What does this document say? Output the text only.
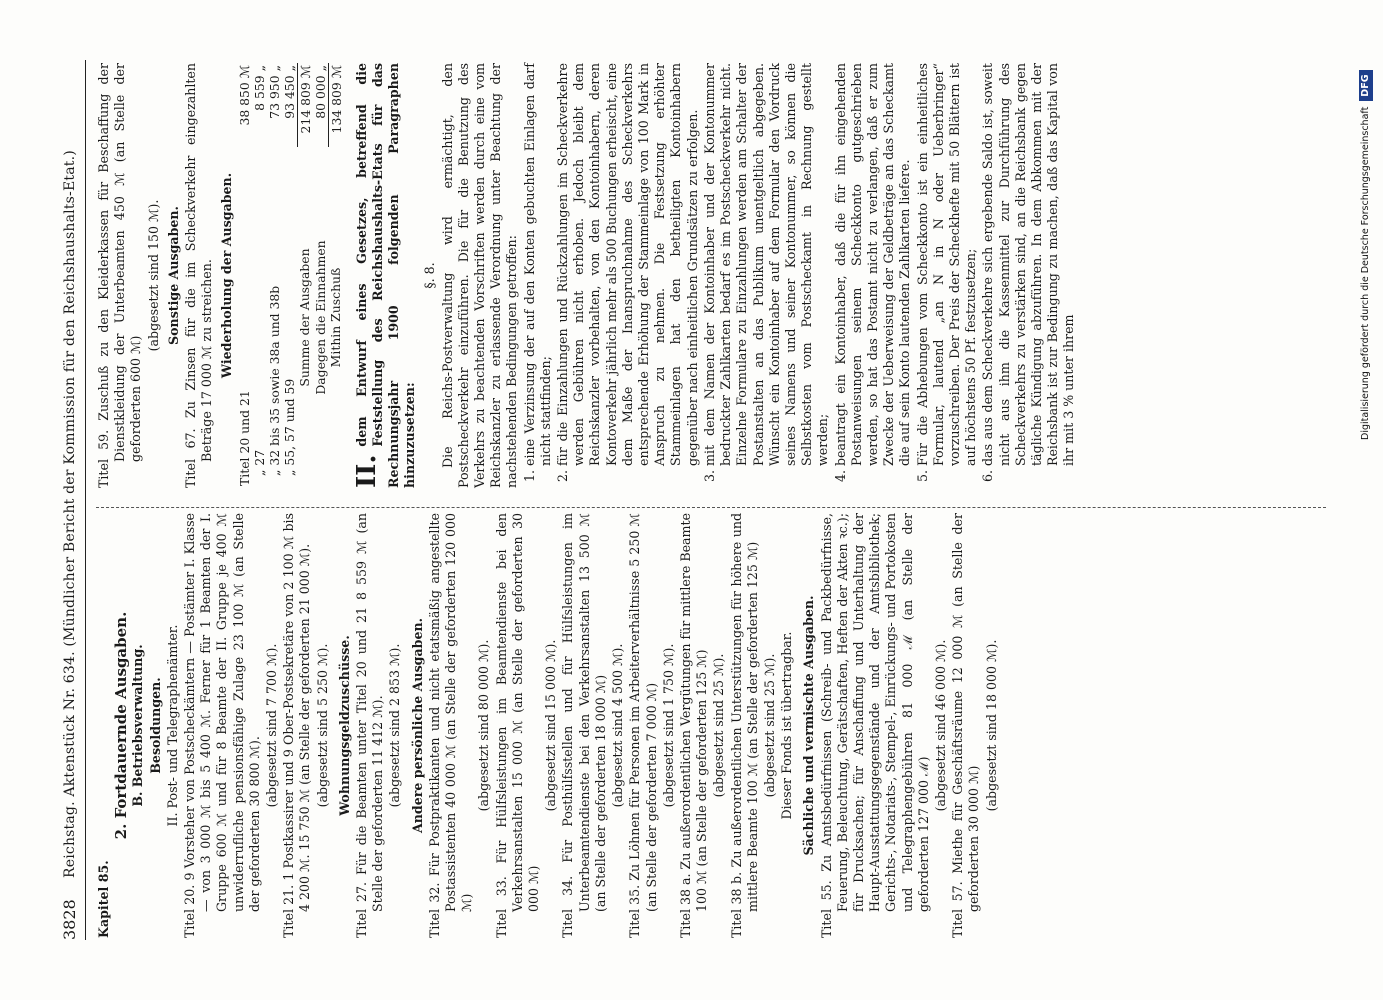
3828
Reichstag. Aktenstück Nr. 634. (Mündlicher Bericht der Kommission für den Reichshaushalts-Etat.)

Kapitel 85.

2. Fortdauernde Ausgaben. B. Betriebsverwaltung. Besoldungen. II. Post- und Telegraphenämter. Titel 20. 9 Vorsteher von Postscheckämtern — Postämter I. Klasse — von 3 000 ℳ bis 5 400 ℳ. Ferner für 1 Beamten der I. Gruppe 600 ℳ und für 8 Beamte der II. Gruppe je 400 ℳ unwiderrufliche pensionsfähige Zulage 23 100 ℳ (an Stelle der geforderten 30 800 ℳ).

(abgesetzt sind 7 700 ℳ). Titel 21. 1 Postkassirer und 9 Ober-Postsekretäre von 2 100 ℳ bis 4 200 ℳ. 15 750 ℳ (an Stelle der geforderten 21 000 ℳ). (abgesetzt sind 5 250 ℳ). Wohnungsgeldzuschüsse. Titel 27. Für die Beamten unter Titel 20 und 21 8 559 ℳ (an Stelle der geforderten 11 412 ℳ). (abgesetzt sind 2 853 ℳ). Andere persönliche Ausgaben. Titel 32. Für Postpraktikanten und nicht etatsmäßig angestellte Postassistenten 40 000 ℳ (an Stelle der geforderten 120 000 ℳ)

(abgesetzt sind 80 000 ℳ). Titel 33. Für Hülfsleistungen im Beamtendienste bei den Verkehrsanstalten 15 000 ℳ (an Stelle der geforderten 30 000 ℳ)

(abgesetzt sind 15 000 ℳ). Titel 34. Für Posthülfsstellen und für Hülfsleistungen im Unterbeamtendienste bei den Verkehrsanstalten 13 500 ℳ (an Stelle der geforderten 18 000 ℳ) (abgesetzt sind 4 500 ℳ). Titel 35. Zu Löhnen für Personen im Arbeiterverhältnisse 5 250 ℳ (an Stelle der geforderten 7 000 ℳ) (abgesetzt sind 1 750 ℳ). Titel 38 a. Zu außerordentlichen Vergütungen für mittlere Beamte 100 ℳ (an Stelle der geforderten 125 ℳ) (abgesetzt sind 25 ℳ). Titel 38 b. Zu außerordentlichen Unterstützungen für höhere und mittlere Beamte 100 ℳ (an Stelle der geforderten 125 ℳ) (abgesetzt sind 25 ℳ). Dieser Fonds ist übertragbar. Sächliche und vermischte Ausgaben. Titel 55. Zu Amtsbedürfnissen (Schreib- und Packbedürfnisse, Feuerung, Beleuchtung, Gerätschaften, Heften der Akten ꝛc.); für Drucksachen; für Anschaffung und Unterhaltung der Haupt-Ausstattungsgegenstände und der Amtsbibliothek; Gerichts-, Notariats-, Stempel-, Einrückungs- und Portokosten und Telegraphengebühren 81 000 ℳ (an Stelle der geforderten 127 000 ℳ)

(abgesetzt sind 46 000 ℳ). Titel 57. Miethe für Geschäftsräume 12 000 ℳ (an Stelle der geforderten 30 000 ℳ)

(abgesetzt sind 18 000 ℳ).

Titel 59. Zuschuß zu den Kleiderkassen für Beschaffung der Dienstkleidung der Unterbeamten 450 ℳ (an Stelle der geforderten 600 ℳ)

(abgesetzt sind 150 ℳ). Sonstige Ausgaben. Titel 67. Zu Zinsen für die im Scheckverkehr eingezahlten Beträge 17 000 ℳ zu streichen. Wiederholung der Ausgaben.

Titel 20 und 21	38 850 ℳ
„ 27	8 559 „
„ 32 bis 35 sowie 38a und 38b	73 950 „
„ 55, 57 und 59	93 450 „
Summe der Ausgaben	214 809 ℳ
Dagegen die Einnahmen	80 000 „
Mithin Zuschuß	134 809 ℳ
II.

dem Entwurf eines Gesetzes, betreffend die Feststellung des Reichshaushalts-Etats für das Rechnungsjahr 1900 folgenden Paragraphen hinzuzusetzen:

§. 8. Die Reichs-Postverwaltung wird ermächtigt, den Postscheckverkehr einzuführen. Die für die Benutzung des Verkehrs zu beachtenden Vorschriften werden durch eine vom Reichskanzler zu erlassende Verordnung unter Beachtung der nachstehenden Bedingungen getroffen: 1. eine Verzinsung der auf den Konten gebuchten Einlagen darf nicht stattfinden; 2. für die Einzahlungen und Rückzahlungen im Scheckverkehre werden Gebühren nicht erhoben. Jedoch bleibt dem Reichskanzler vorbehalten, von den Kontoinhabern, deren Kontoverkehr jährlich mehr als 500 Buchungen erheischt, eine dem Maße der Inanspruchnahme des Scheckverkehrs entsprechende Erhöhung der Stammeinlage von 100 Mark in Anspruch zu nehmen. Die Festsetzung erhöhter Stammeinlagen hat den betheiligten Kontoinhabern gegenüber nach einheitlichen Grundsätzen zu erfolgen. 3. mit dem Namen der Kontoinhaber und der Kontonummer bedruckter Zahlkarten bedarf es im Postscheckverkehr nicht. Einzelne Formulare zu Einzahlungen werden am Schalter der Postanstalten an das Publikum unentgeltlich abgegeben. Wünscht ein Kontoinhaber auf dem Formular den Vordruck seines Namens und seiner Kontonummer, so können die Selbstkosten vom Postscheckamt in Rechnung gestellt werden; 4. beantragt ein Kontoinhaber, daß die für ihn eingehenden Postanweisungen seinem Scheckkonto gutgeschrieben werden, so hat das Postamt nicht zu verlangen, daß er zum Zwecke der Ueberweisung der Geldbeträge an das Scheckamt die auf sein Konto lautenden Zahlkarten liefere. 5. Für die Abhebungen vom Scheckkonto ist ein einheitliches Formular, lautend „an N in N oder Ueberbringer“ vorzuschreiben. Der Preis der Scheckhefte mit 50 Blättern ist auf höchstens 50 Pf. festzusetzen; 6. das aus dem Scheckverkehre sich ergebende Saldo ist, soweit nicht aus ihm die Kassenmittel zur Durchführung des Scheckverkehrs zu verstärken sind, an die Reichsbank gegen tägliche Kündigung abzuführen. In dem Abkommen mit der Reichsbank ist zur Bedingung zu machen, daß das Kapital von ihr mit 3 % unter ihrem	Digitalisierung gefördert durch die Deutsche ForschungsgemeinschaftDFG
